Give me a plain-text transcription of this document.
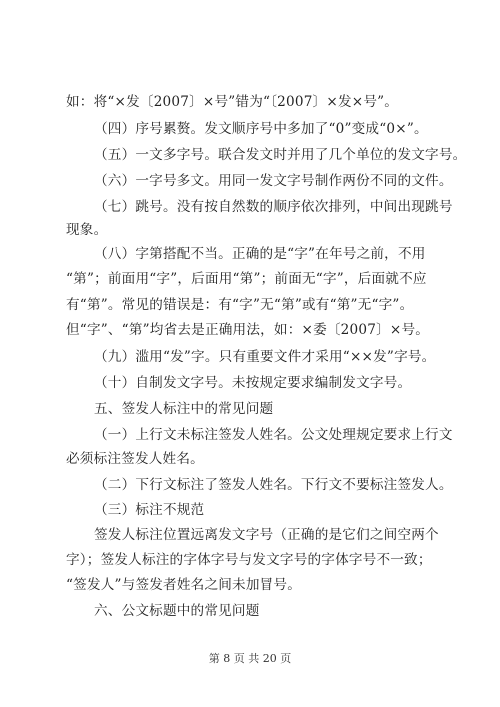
如：将“×发〔2007〕×号”错为“〔2007〕×发×号”。
（四）序号累赘。发文顺序号中多加了“0”变成“0×”。
（五）一文多字号。联合发文时并用了几个单位的发文字号。
（六）一字号多文。用同一发文字号制作两份不同的文件。
（七）跳号。没有按自然数的顺序依次排列，中间出现跳号
现象。
（八）字第搭配不当。正确的是“字”在年号之前，不用
“第”；前面用“字”，后面用“第”；前面无“字”，后面就不应
有“第”。常见的错误是：有“字”无“第”或有“第”无“字”。
但“字”、“第”均省去是正确用法，如：×委〔2007〕×号。
（九）滥用“发”字。只有重要文件才采用“××发”字号。
（十）自制发文字号。未按规定要求编制发文字号。
五、签发人标注中的常见问题
（一）上行文未标注签发人姓名。公文处理规定要求上行文
必须标注签发人姓名。
（二）下行文标注了签发人姓名。下行文不要标注签发人。
（三）标注不规范
签发人标注位置远离发文字号（正确的是它们之间空两个
字）；签发人标注的字体字号与发文字号的字体字号不一致；
“签发人”与签发者姓名之间未加冒号。
六、公文标题中的常见问题
第 8 页 共 20 页
